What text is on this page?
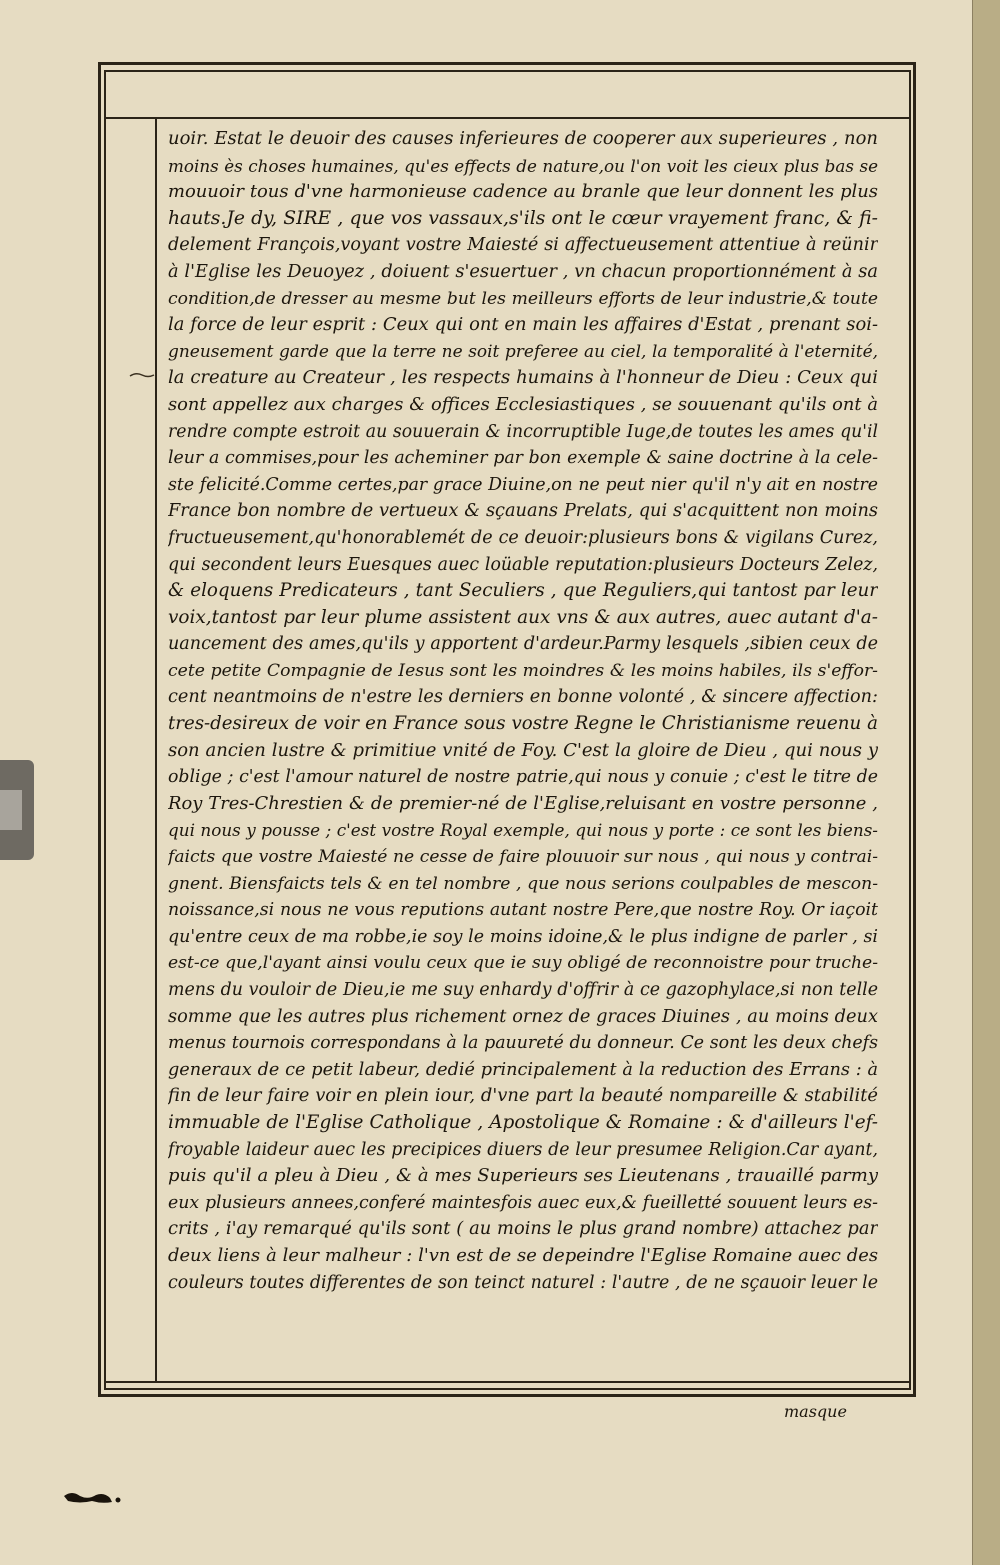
uoir. Estat le deuoir des causes inferieures de cooperer aux superieures , non
moins ès choses humaines, qu'es effects de nature,ou l'on voit les cieux plus bas se
mouuoir tous d'vne harmonieuse cadence au branle que leur donnent les plus
hauts.Je dy, SIRE , que vos vassaux,s'ils ont le cœur vrayement franc, & fi-
delement François,voyant vostre Maiesté si affectueusement attentiue à reünir
à l'Eglise les Deuoyez , doiuent s'esuertuer , vn chacun proportionnément à sa
condition,de dresser au mesme but les meilleurs efforts de leur industrie,& toute
la force de leur esprit : Ceux qui ont en main les affaires d'Estat , prenant soi-
gneusement garde que la terre ne soit preferee au ciel, la temporalité à l'eternité,
la creature au Createur , les respects humains à l'honneur de Dieu : Ceux qui
sont appellez aux charges & offices Ecclesiastiques , se souuenant qu'ils ont à
rendre compte estroit au souuerain & incorruptible Iuge,de toutes les ames qu'il
leur a commises,pour les acheminer par bon exemple & saine doctrine à la cele-
ste felicité.Comme certes,par grace Diuine,on ne peut nier qu'il n'y ait en nostre
France bon nombre de vertueux & sçauans Prelats, qui s'acquittent non moins
fructueusement,qu'honorablemét de ce deuoir:plusieurs bons & vigilans Curez,
qui secondent leurs Euesques auec loüable reputation:plusieurs Docteurs Zelez,
& eloquens Predicateurs , tant Seculiers , que Reguliers,qui tantost par leur
voix,tantost par leur plume assistent aux vns & aux autres, auec autant d'a-
uancement des ames,qu'ils y apportent d'ardeur.Parmy lesquels ,sibien ceux de
cete petite Compagnie de Iesus sont les moindres & les moins habiles, ils s'effor-
cent neantmoins de n'estre les derniers en bonne volonté , & sincere affection:
tres-desireux de voir en France sous vostre Regne le Christianisme reuenu à
son ancien lustre & primitiue vnité de Foy. C'est la gloire de Dieu , qui nous y
oblige ; c'est l'amour naturel de nostre patrie,qui nous y conuie ; c'est le titre de
Roy Tres-Chrestien & de premier-né de l'Eglise,reluisant en vostre personne ,
qui nous y pousse ; c'est vostre Royal exemple, qui nous y porte : ce sont les biens-
faicts que vostre Maiesté ne cesse de faire plouuoir sur nous , qui nous y contrai-
gnent. Biensfaicts tels & en tel nombre , que nous serions coulpables de mescon-
noissance,si nous ne vous reputions autant nostre Pere,que nostre Roy. Or iaçoit
qu'entre ceux de ma robbe,ie soy le moins idoine,& le plus indigne de parler , si
est-ce que,l'ayant ainsi voulu ceux que ie suy obligé de reconnoistre pour truche-
mens du vouloir de Dieu,ie me suy enhardy d'offrir à ce gazophylace,si non telle
somme que les autres plus richement ornez de graces Diuines , au moins deux
menus tournois correspondans à la pauureté du donneur. Ce sont les deux chefs
generaux de ce petit labeur, dedié principalement à la reduction des Errans : à
fin de leur faire voir en plein iour, d'vne part la beauté nompareille & stabilité
immuable de l'Eglise Catholique , Apostolique & Romaine : & d'ailleurs l'ef-
froyable laideur auec les precipices diuers de leur presumee Religion.Car ayant,
puis qu'il a pleu à Dieu , & à mes Superieurs ses Lieutenans , trauaillé parmy
eux plusieurs annees,conferé maintesfois auec eux,& fueilletté souuent leurs es-
crits , i'ay remarqué qu'ils sont ( au moins le plus grand nombre) attachez par
deux liens à leur malheur : l'vn est de se depeindre l'Eglise Romaine auec des
couleurs toutes differentes de son teinct naturel : l'autre , de ne sçauoir leuer le
masque
